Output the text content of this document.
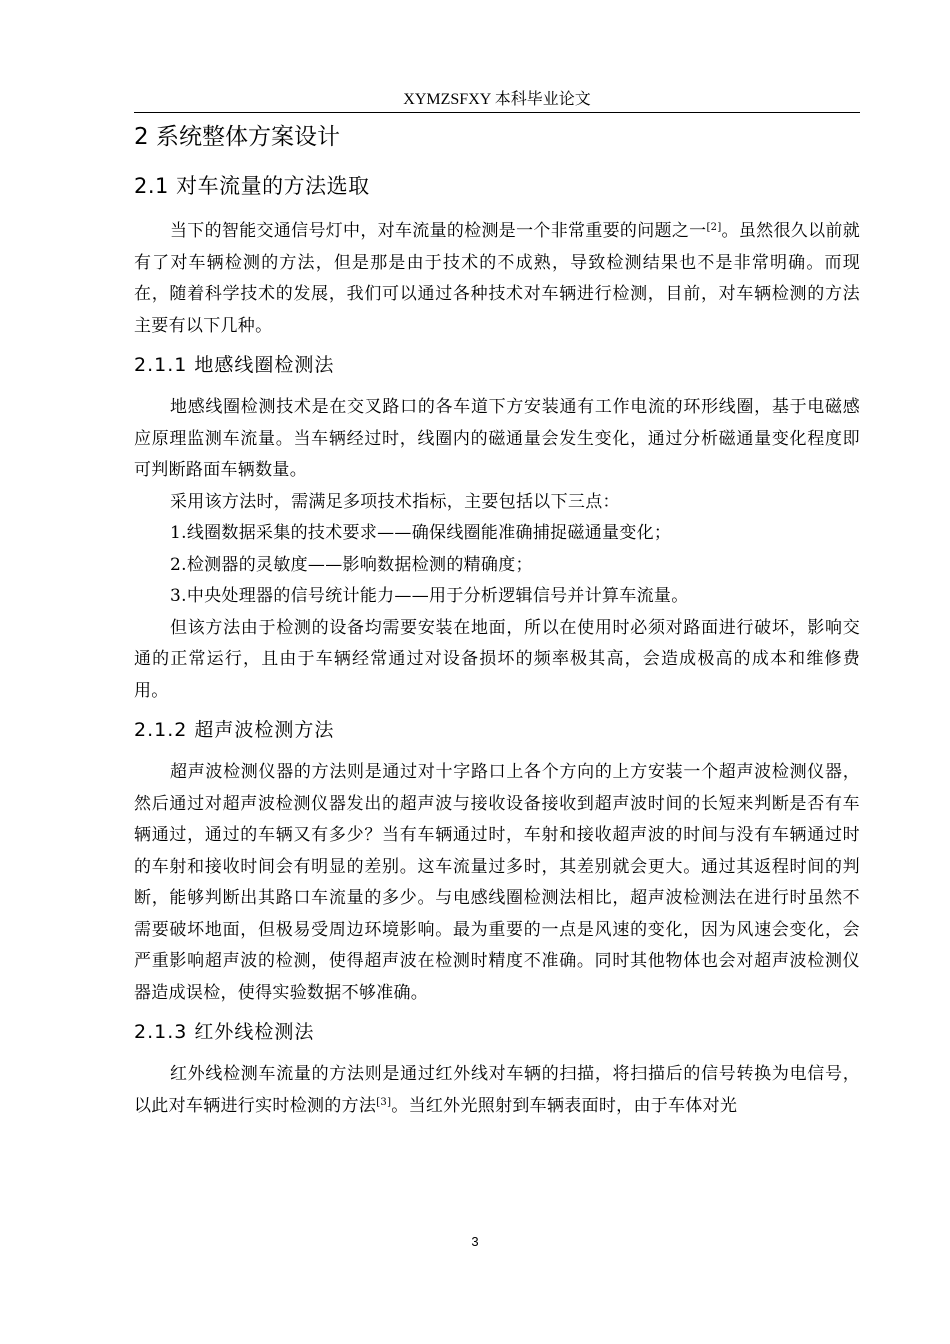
XYMZSFXY 本科毕业论文
2 系统整体方案设计
2.1 对车流量的方法选取

当下的智能交通信号灯中，对车流量的检测是一个非常重要的问题之一[2]。虽然很久以前就有了对车辆检测的方法，但是那是由于技术的不成熟，导致检测结果也不是非常明确。而现在，随着科学技术的发展，我们可以通过各种技术对车辆进行检测，目前，对车辆检测的方法主要有以下几种。

2.1.1 地感线圈检测法

地感线圈检测技术是在交叉路口的各车道下方安装通有工作电流的环形线圈，基于电磁感应原理监测车流量。当车辆经过时，线圈内的磁通量会发生变化，通过分析磁通量变化程度即可判断路面车辆数量。

采用该方法时，需满足多项技术指标，主要包括以下三点：

1.线圈数据采集的技术要求——确保线圈能准确捕捉磁通量变化；

2.检测器的灵敏度——影响数据检测的精确度；

3.中央处理器的信号统计能力——用于分析逻辑信号并计算车流量。

但该方法由于检测的设备均需要安装在地面，所以在使用时必须对路面进行破坏，影响交通的正常运行，且由于车辆经常通过对设备损坏的频率极其高，会造成极高的成本和维修费用。

2.1.2 超声波检测方法

超声波检测仪器的方法则是通过对十字路口上各个方向的上方安装一个超声波检测仪器，然后通过对超声波检测仪器发出的超声波与接收设备接收到超声波时间的长短来判断是否有车辆通过，通过的车辆又有多少？当有车辆通过时，车射和接收超声波的时间与没有车辆通过时的车射和接收时间会有明显的差别。这车流量过多时，其差别就会更大。通过其返程时间的判断，能够判断出其路口车流量的多少。与电感线圈检测法相比，超声波检测法在进行时虽然不需要破坏地面，但极易受周边环境影响。最为重要的一点是风速的变化，因为风速会变化，会严重影响超声波的检测，使得超声波在检测时精度不准确。同时其他物体也会对超声波检测仪器造成误检，使得实验数据不够准确。

2.1.3 红外线检测法

红外线检测车流量的方法则是通过红外线对车辆的扫描，将扫描后的信号转换为电信号，以此对车辆进行实时检测的方法[3]。当红外光照射到车辆表面时，由于车体对光

3
